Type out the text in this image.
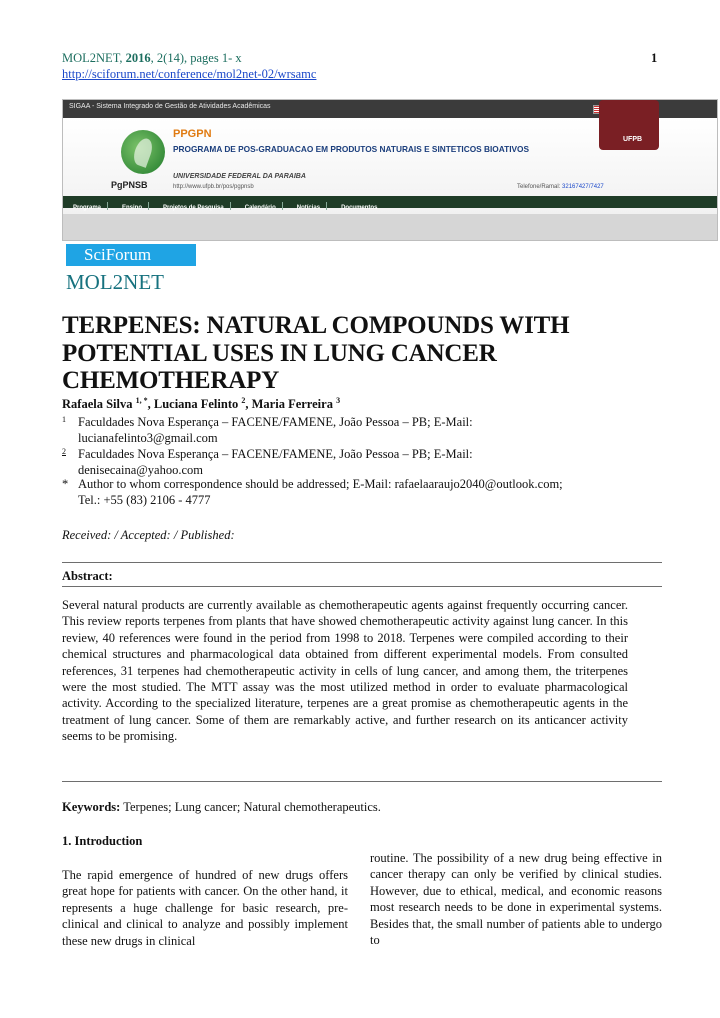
MOL2NET, 2016, 2(14), pages 1- x
http://sciforum.net/conference/mol2net-02/wrsamc
1
SIGAA - Sistema Integrado de Gestão de Atividades Acadêmicas
PgPNSB
PPGPN
PROGRAMA DE POS-GRADUACAO EM PRODUTOS NATURAIS E SINTETICOS BIOATIVOS
UNIVERSIDADE FEDERAL DA PARAIBA
http://www.ufpb.br/pos/pgpnsb	Telefone/Ramal: 32167427/7427
UFPB
Programa	Ensino	Projetos de Pesquisa	Calendário	Notícias	Documentos
SciForum
MOL2NET
TERPENES: NATURAL COMPOUNDS WITH POTENTIAL USES IN LUNG CANCER CHEMOTHERAPY
Rafaela Silva $^{1, *}$, Luciana Felinto $^2$, Maria Ferreira $^3$
1 Faculdades Nova Esperança – FACENE/FAMENE, João Pessoa – PB; E-Mail:
lucianafelinto3@gmail.com
2 Faculdades Nova Esperança – FACENE/FAMENE, João Pessoa – PB; E-Mail:
denisecaina@yahoo.com
* Author to whom correspondence should be addressed; E-Mail: rafaelaaraujo2040@outlook.com;
Tel.: +55 (83) 2106 - 4777
Received: / Accepted: / Published:
Abstract:
Several natural products are currently available as chemotherapeutic agents against frequently occurring cancer. This review reports terpenes from plants that have showed chemotherapeutic activity against lung cancer. In this review, 40 references were found in the period from 1998 to 2018. Terpenes were compiled according to their chemical structures and pharmacological data obtained from different experimental models. From consulted references, 31 terpenes had chemotherapeutic activity in cells of lung cancer, and among them, the triterpenes were the most studied. The MTT assay was the most utilized method in order to evaluate pharmacological activity. According to the specialized literature, terpenes are a great promise as chemotherapeutic agents in the treatment of lung cancer. Some of them are remarkably active, and further research on its anticancer activity seems to be promising.
Keywords: Terpenes; Lung cancer; Natural chemotherapeutics.
1. Introduction
The rapid emergence of hundred of new drugs offers great hope for patients with cancer. On the other hand, it represents a huge challenge for basic research, pre-clinical and clinical to analyze and possibly implement these new drugs in clinical
routine. The possibility of a new drug being effective in cancer therapy can only be verified by clinical studies. However, due to ethical, medical, and economic reasons most research needs to be done in experimental systems. Besides that, the small number of patients able to undergo to
